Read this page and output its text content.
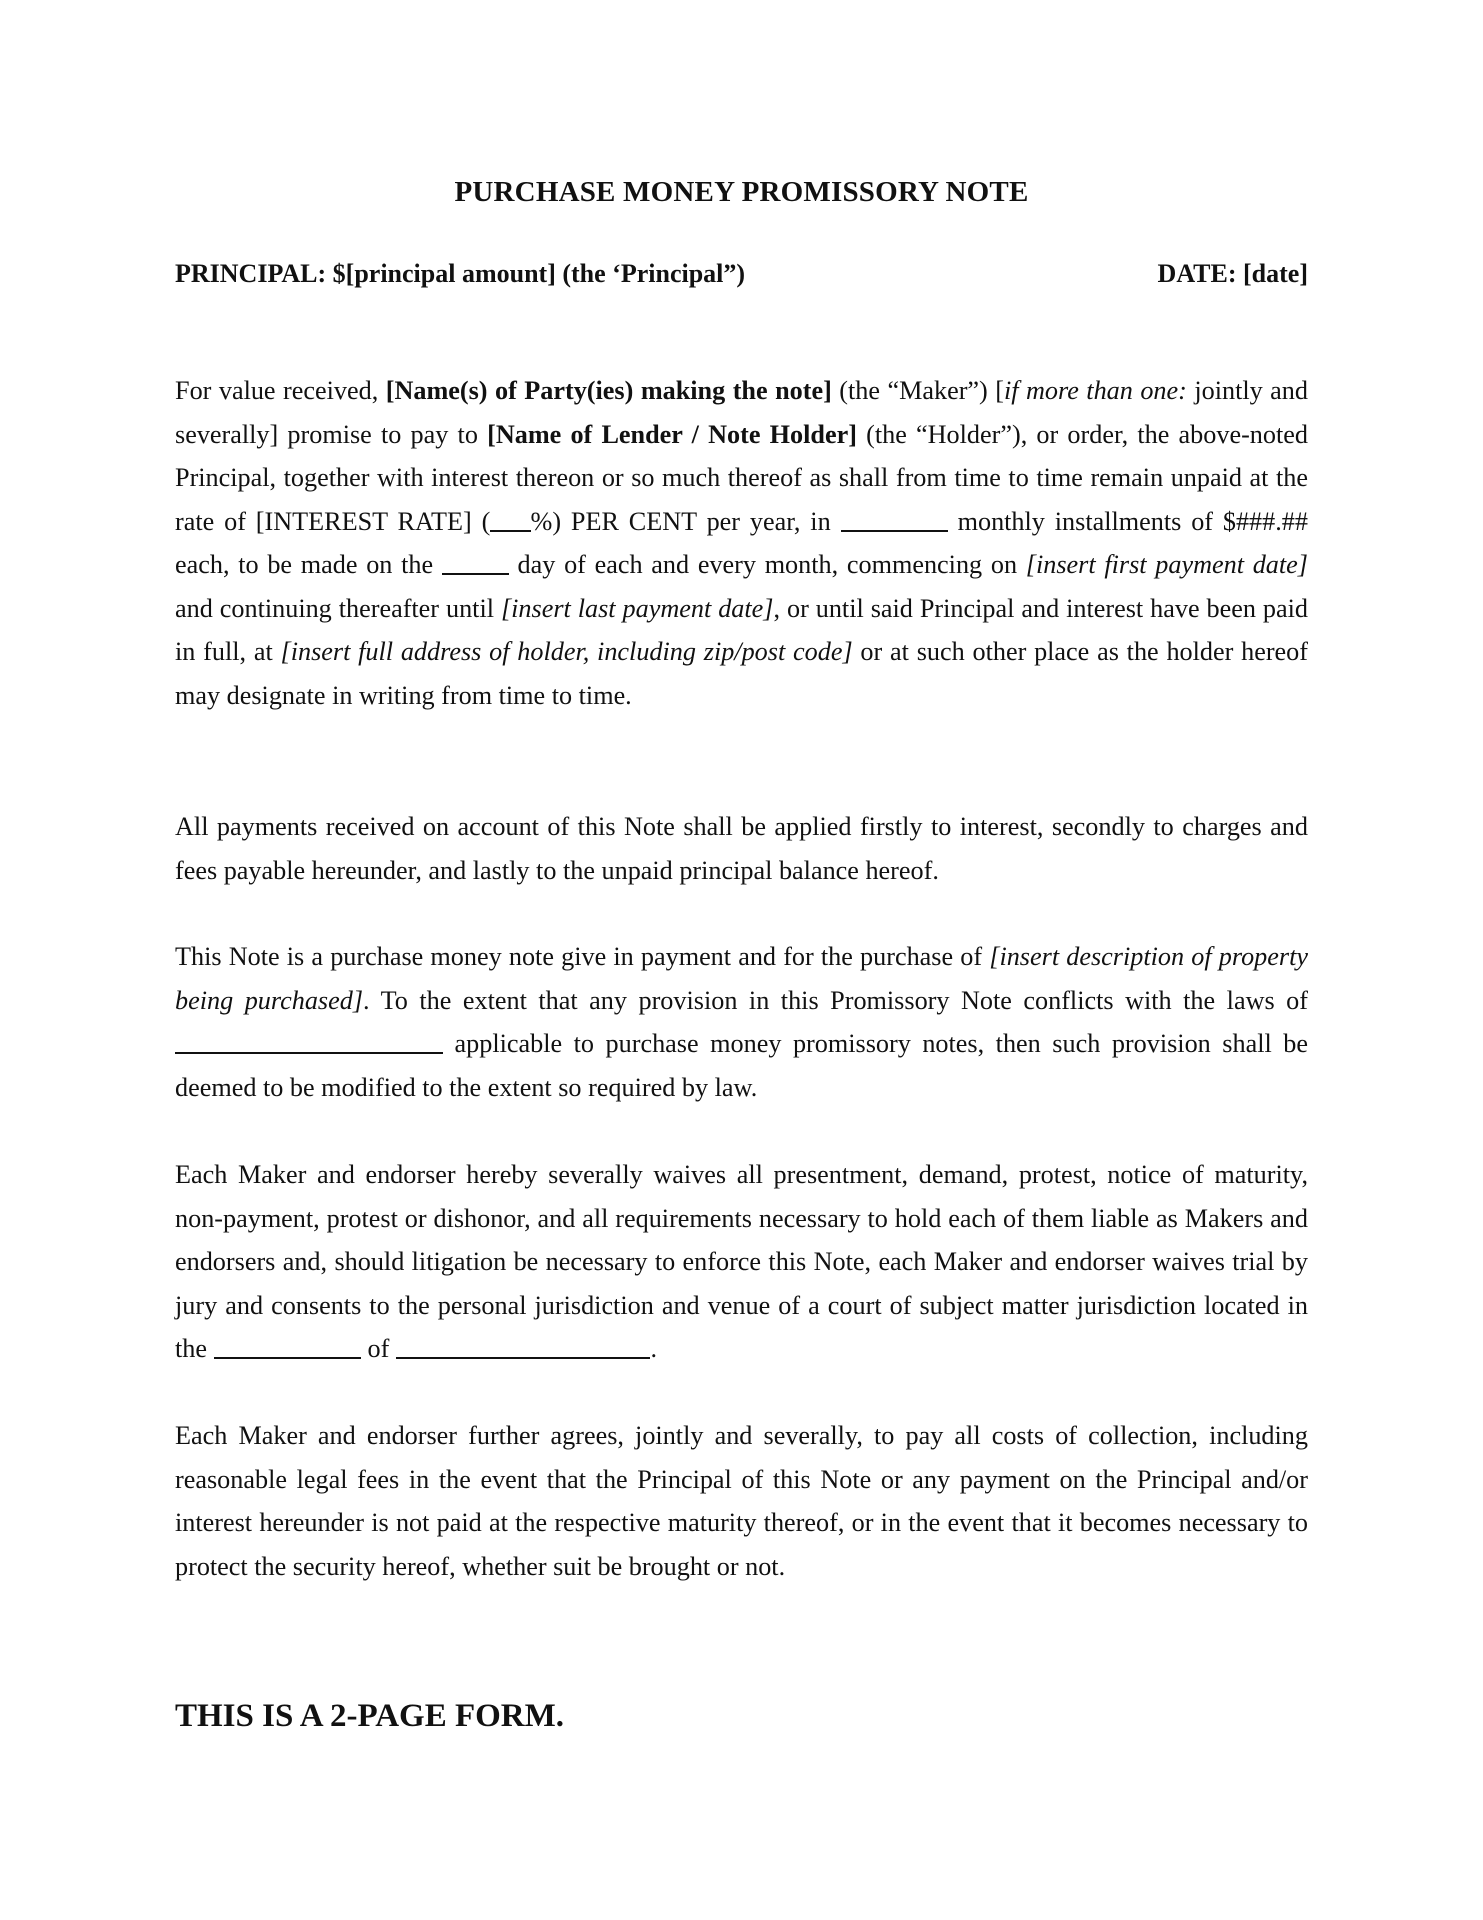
PURCHASE MONEY PROMISSORY NOTE
PRINCIPAL: $[principal amount] (the ‘Principal”)	DATE: [date]

For value received, [Name(s) of Party(ies) making the note] (the “Maker”) [if more than one: jointly and severally] promise to pay to [Name of Lender / Note Holder] (the “Holder”), or order, the above-noted Principal, together with interest thereon or so much thereof as shall from time to time remain unpaid at the rate of [INTEREST RATE] ( %) PER CENT per year, in	monthly installments of $###.## each, to be made on the	day of each and every month, commencing on [insert first payment date] and continuing thereafter until [insert last payment date], or until said Principal and interest have been paid in full, at [insert full address of holder, including zip/post code] or at such other place as the holder hereof may designate in writing from time to time.

All payments received on account of this Note shall be applied firstly to interest, secondly to charges and fees payable hereunder, and lastly to the unpaid principal balance hereof.

This Note is a purchase money note give in payment and for the purchase of [insert description of property being purchased]. To the extent that any provision in this Promissory Note conflicts with the laws of  applicable to purchase money promissory notes, then such provision shall be deemed to be modified to the extent so required by law.

Each Maker and endorser hereby severally waives all presentment, demand, protest, notice of maturity, non-payment, protest or dishonor, and all requirements necessary to hold each of them liable as Makers and endorsers and, should litigation be necessary to enforce this Note, each Maker and endorser waives trial by jury and consents to the personal jurisdiction and venue of a court of subject matter jurisdiction located in the	of	.

Each Maker and endorser further agrees, jointly and severally, to pay all costs of collection, including reasonable legal fees in the event that the Principal of this Note or any payment on the Principal and/or interest hereunder is not paid at the respective maturity thereof, or in the event that it becomes necessary to protect the security hereof, whether suit be brought or not.

THIS IS A 2-PAGE FORM.
